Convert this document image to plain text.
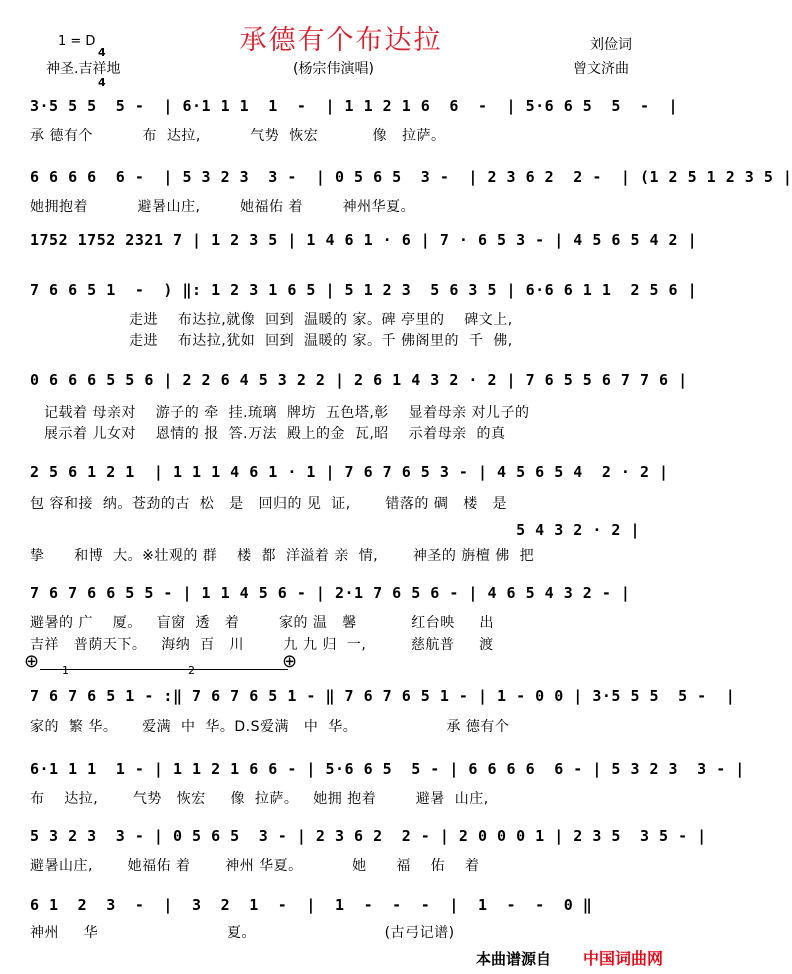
承德有个布达拉
1 = D

4

4

神圣.吉祥地	(杨宗伟演唱)
刘俭词
曾文济曲
3·5 5 5  5 -  | 6·1 1 1  1  -  | 1 1 2 1 6  6  -  | 5·6 6 5  5  -  |
承 德有个          布  达拉,          气势  恢宏           像   拉萨。
6 6 6 6  6 -  | 5 3 2 3  3 -  | 0 5 6 5  3 -  | 2 3 6 2  2 -  | (1 2 5 1 2 3 5 |
她拥抱着          避暑山庄,        她福佑 着        神州华夏。
1752 1752 2321 7 | 1 2 3 5 | 1 4 6 1 · 6 | 7 · 6 5 3 - | 4 5 6 5 4 2 |
7 6 6 5 1  -  ) ‖: 1 2 3 1 6 5 | 5 1 2 3  5 6 3 5 | 6·6 6 1 1  2 5 6 |
走进    布达拉,就像  回到  温暖的 家。碑 亭里的    碑文上,
走进    布达拉,犹如  回到  温暖的 家。千 佛阁里的  千  佛,
0 6 6 6 5 5 6 | 2 2 6 4 5 3 2 2 | 2 6 1 4 3 2 · 2 | 7 6 5 5 6 7 7 6 |
记载着 母亲对    游子的 牵  挂.琉璃  牌坊  五色塔,彰    显着母亲 对儿子的
展示着 儿女对    恩情的 报  答.万法  殿上的金  瓦,昭    示着母亲  的真
2 5 6 1 2 1  | 1 1 1 4 6 1 · 1 | 7 6 7 6 5 3 - | 4 5 6 5 4  2 · 2 |
包 容和接  纳。苍劲的古  松   是   回归的 见  证,       错落的 碉   楼   是
5 4 3 2 · 2 |
挚      和博  大。※壮观的 群    楼  都  洋溢着 亲  情,       神圣的 旃檀 佛  把
7 6 7 6 6 5 5 - | 1 1 4 5 6 - | 2·1 7 6 5 6 - | 4 6 5 4 3 2 - |
避暑的 广    厦。   盲窗  透   着        家的 温   馨           红台映     出
吉祥   普荫天下。   海纳  百   川        九 九 归  一,         慈航普     渡
⊕ 1	2	⊕
7 6 7 6 5 1 - :‖ 7 6 7 6 5 1 - ‖ 7 6 7 6 5 1 - | 1 - 0 0 | 3·5 5 5  5 -  |
家的  繁 华。     爱满  中  华。D.S爱满   中  华。                  承 德有个
6·1 1 1  1 - | 1 1 2 1 6 6 - | 5·6 6 5  5 - | 6 6 6 6  6 - | 5 3 2 3  3 - |
布    达拉,       气势   恢宏     像  拉萨。   她拥 抱着        避暑  山庄,
5 3 2 3  3 - | 0 5 6 5  3 - | 2 3 6 2  2 - | 2 0 0 0 1 | 2 3 5  3 5 - |
避暑山庄,       她福佑 着       神州 华夏。          她      福    佑    着
6 1  2  3  -  |  3  2  1  -  |  1  -  -  -  |  1  -  -  0 ‖
神州     华                          夏。                          (古弓记谱)
本曲谱源自 中国词曲网
